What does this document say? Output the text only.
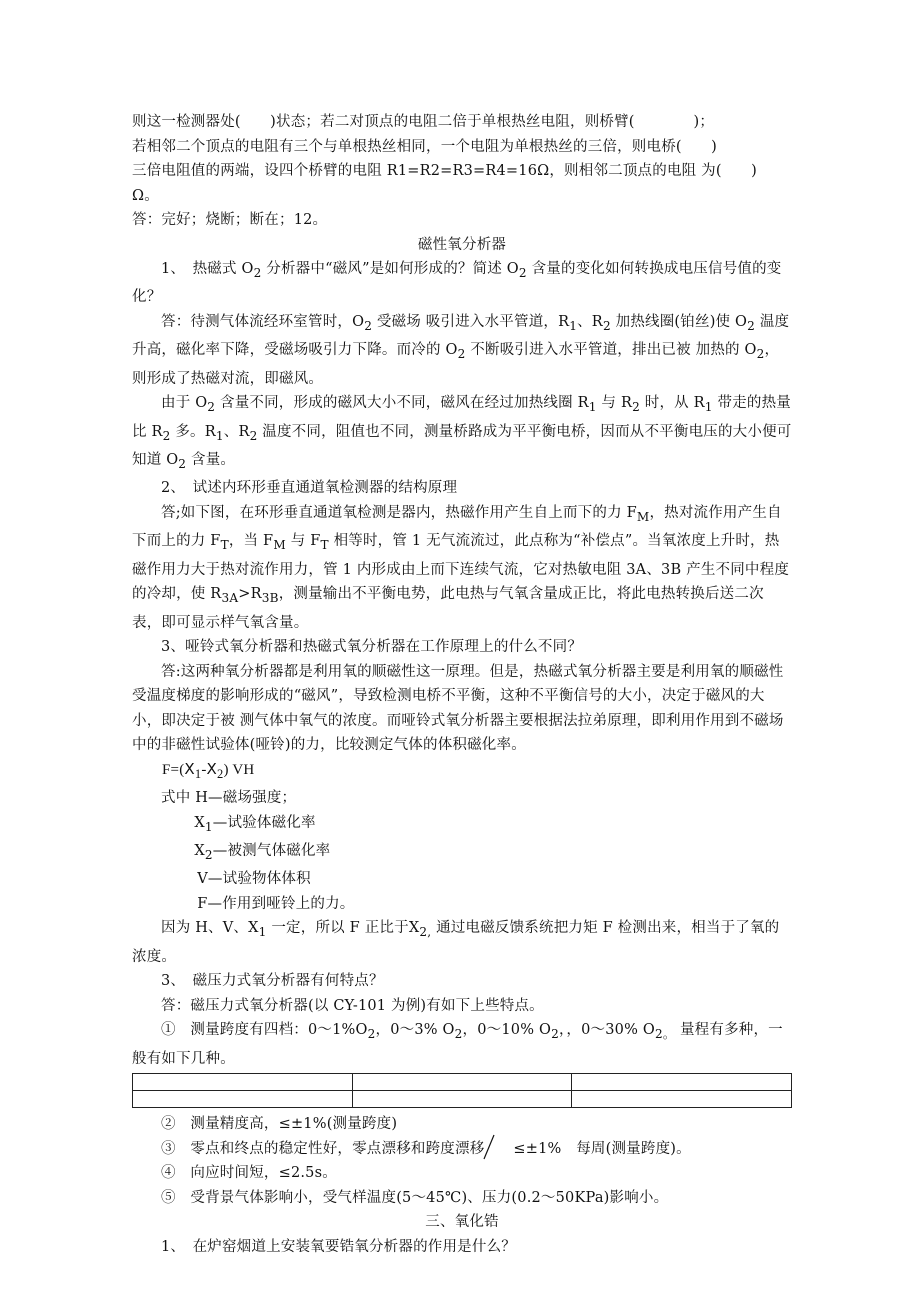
则这一检测器处(　　)状态；若二对顶点的电阻二倍于单根热丝电阻，则桥臂(　　　　)；

若相邻二个顶点的电阻有三个与单根热丝相同，一个电阻为单根热丝的三倍，则电桥(　　)

三倍电阻值的两端，设四个桥臂的电阻 R1=R2=R3=R4=16Ω，则相邻二顶点的电阻 为(　　)

Ω。

答：完好；烧断；断在；12。

磁性氧分析器

1、　热磁式 $O_2$ 分析器中“磁风”是如何形成的？简述 $O_2$ 含量的变化如何转换成电压信号值的变化？

答：待测气体流经环室管时，$O_2$ 受磁场 吸引进入水平管道，$R_1$、$R_2$ 加热线圈(铂丝)使 $O_2$ 温度升高，磁化率下降，受磁场吸引力下降。而冷的 $O_2$ 不断吸引进入水平管道，排出已被 加热的 $O_2$，则形成了热磁对流，即磁风。

由于 $O_2$ 含量不同，形成的磁风大小不同，磁风在经过加热线圈 $R_1$ 与 $R_2$ 时，从 $R_1$ 带走的热量比 $R_2$ 多。$R_1$、$R_2$ 温度不同，阻值也不同，测量桥路成为平平衡电桥，因而从不平衡电压的大小便可知道 $O_2$ 含量。

2、　试述内环形垂直通道氧检测器的结构原理

答;如下图，在环形垂直通道氧检测是器内，热磁作用产生自上而下的力 $F_M$，热对流作用产生自下而上的力 $F_T$，当 $F_M$ 与 $F_T$ 相等时，管 1 无气流流过，此点称为“补偿点”。当氧浓度上升时，热磁作用力大于热对流作用力，管 1 内形成由上而下连续气流，它对热敏电阻 3A、3B 产生不同中程度的冷却，使 $R_{3A}>R_{3B}$，测量输出不平衡电势，此电热与气氧含量成正比，将此电热转换后送二次表，即可显示样气氧含量。

3、哑铃式氧分析器和热磁式氧分析器在工作原理上的什么不同？

答:这两种氧分析器都是利用氧的顺磁性这一原理。但是，热磁式氧分析器主要是利用氧的顺磁性受温度梯度的影响形成的“磁风”，导致检测电桥不平衡，这种不平衡信号的大小，决定于磁风的大小，即决定于被 测气体中氧气的浓度。而哑铃式氧分析器主要根据法拉弟原理，即利用作用到不磁场中的非磁性试验体(哑铃)的力，比较测定气体的体积磁化率。

$F=(Ⅹ_1-Ⅹ_2)$ VH

式中 H—磁场强度；

$Ⅹ_1—$试验体磁化率

$Ⅹ_2—$被测气体磁化率

V—试验物体体积

F—作用到哑铃上的力。

因为 H、V、$X_1$ 一定，所以 F 正比于$Ⅹ_{2,}$ 通过电磁反馈系统把力矩 F 检测出来，相当于了氧的浓度。

3、　磁压力式氧分析器有何特点？

答：磁压力式氧分析器(以 CY-101 为例)有如下上些特点。

①　测量跨度有四档：$0\sim 1\%O_2$，0～3% $O_2$，0～10% $O_2$，，0～30% $O_{2。}$ 量程有多种，一般有如下几种。

②　测量精度高，≤±1%(测量跨度)

③　零点和终点的稳定性好，零点漂移和跨度漂移 ≤±1%　每周(测量跨度)。

④　向应时间短，≤2.5s。

⑤　受背景气体影响小，受气样温度(5～45℃)、压力(0.2～50KPa)影响小。

三、氧化锆

1、　在炉窑烟道上安装氧要锆氧分析器的作用是什么？
